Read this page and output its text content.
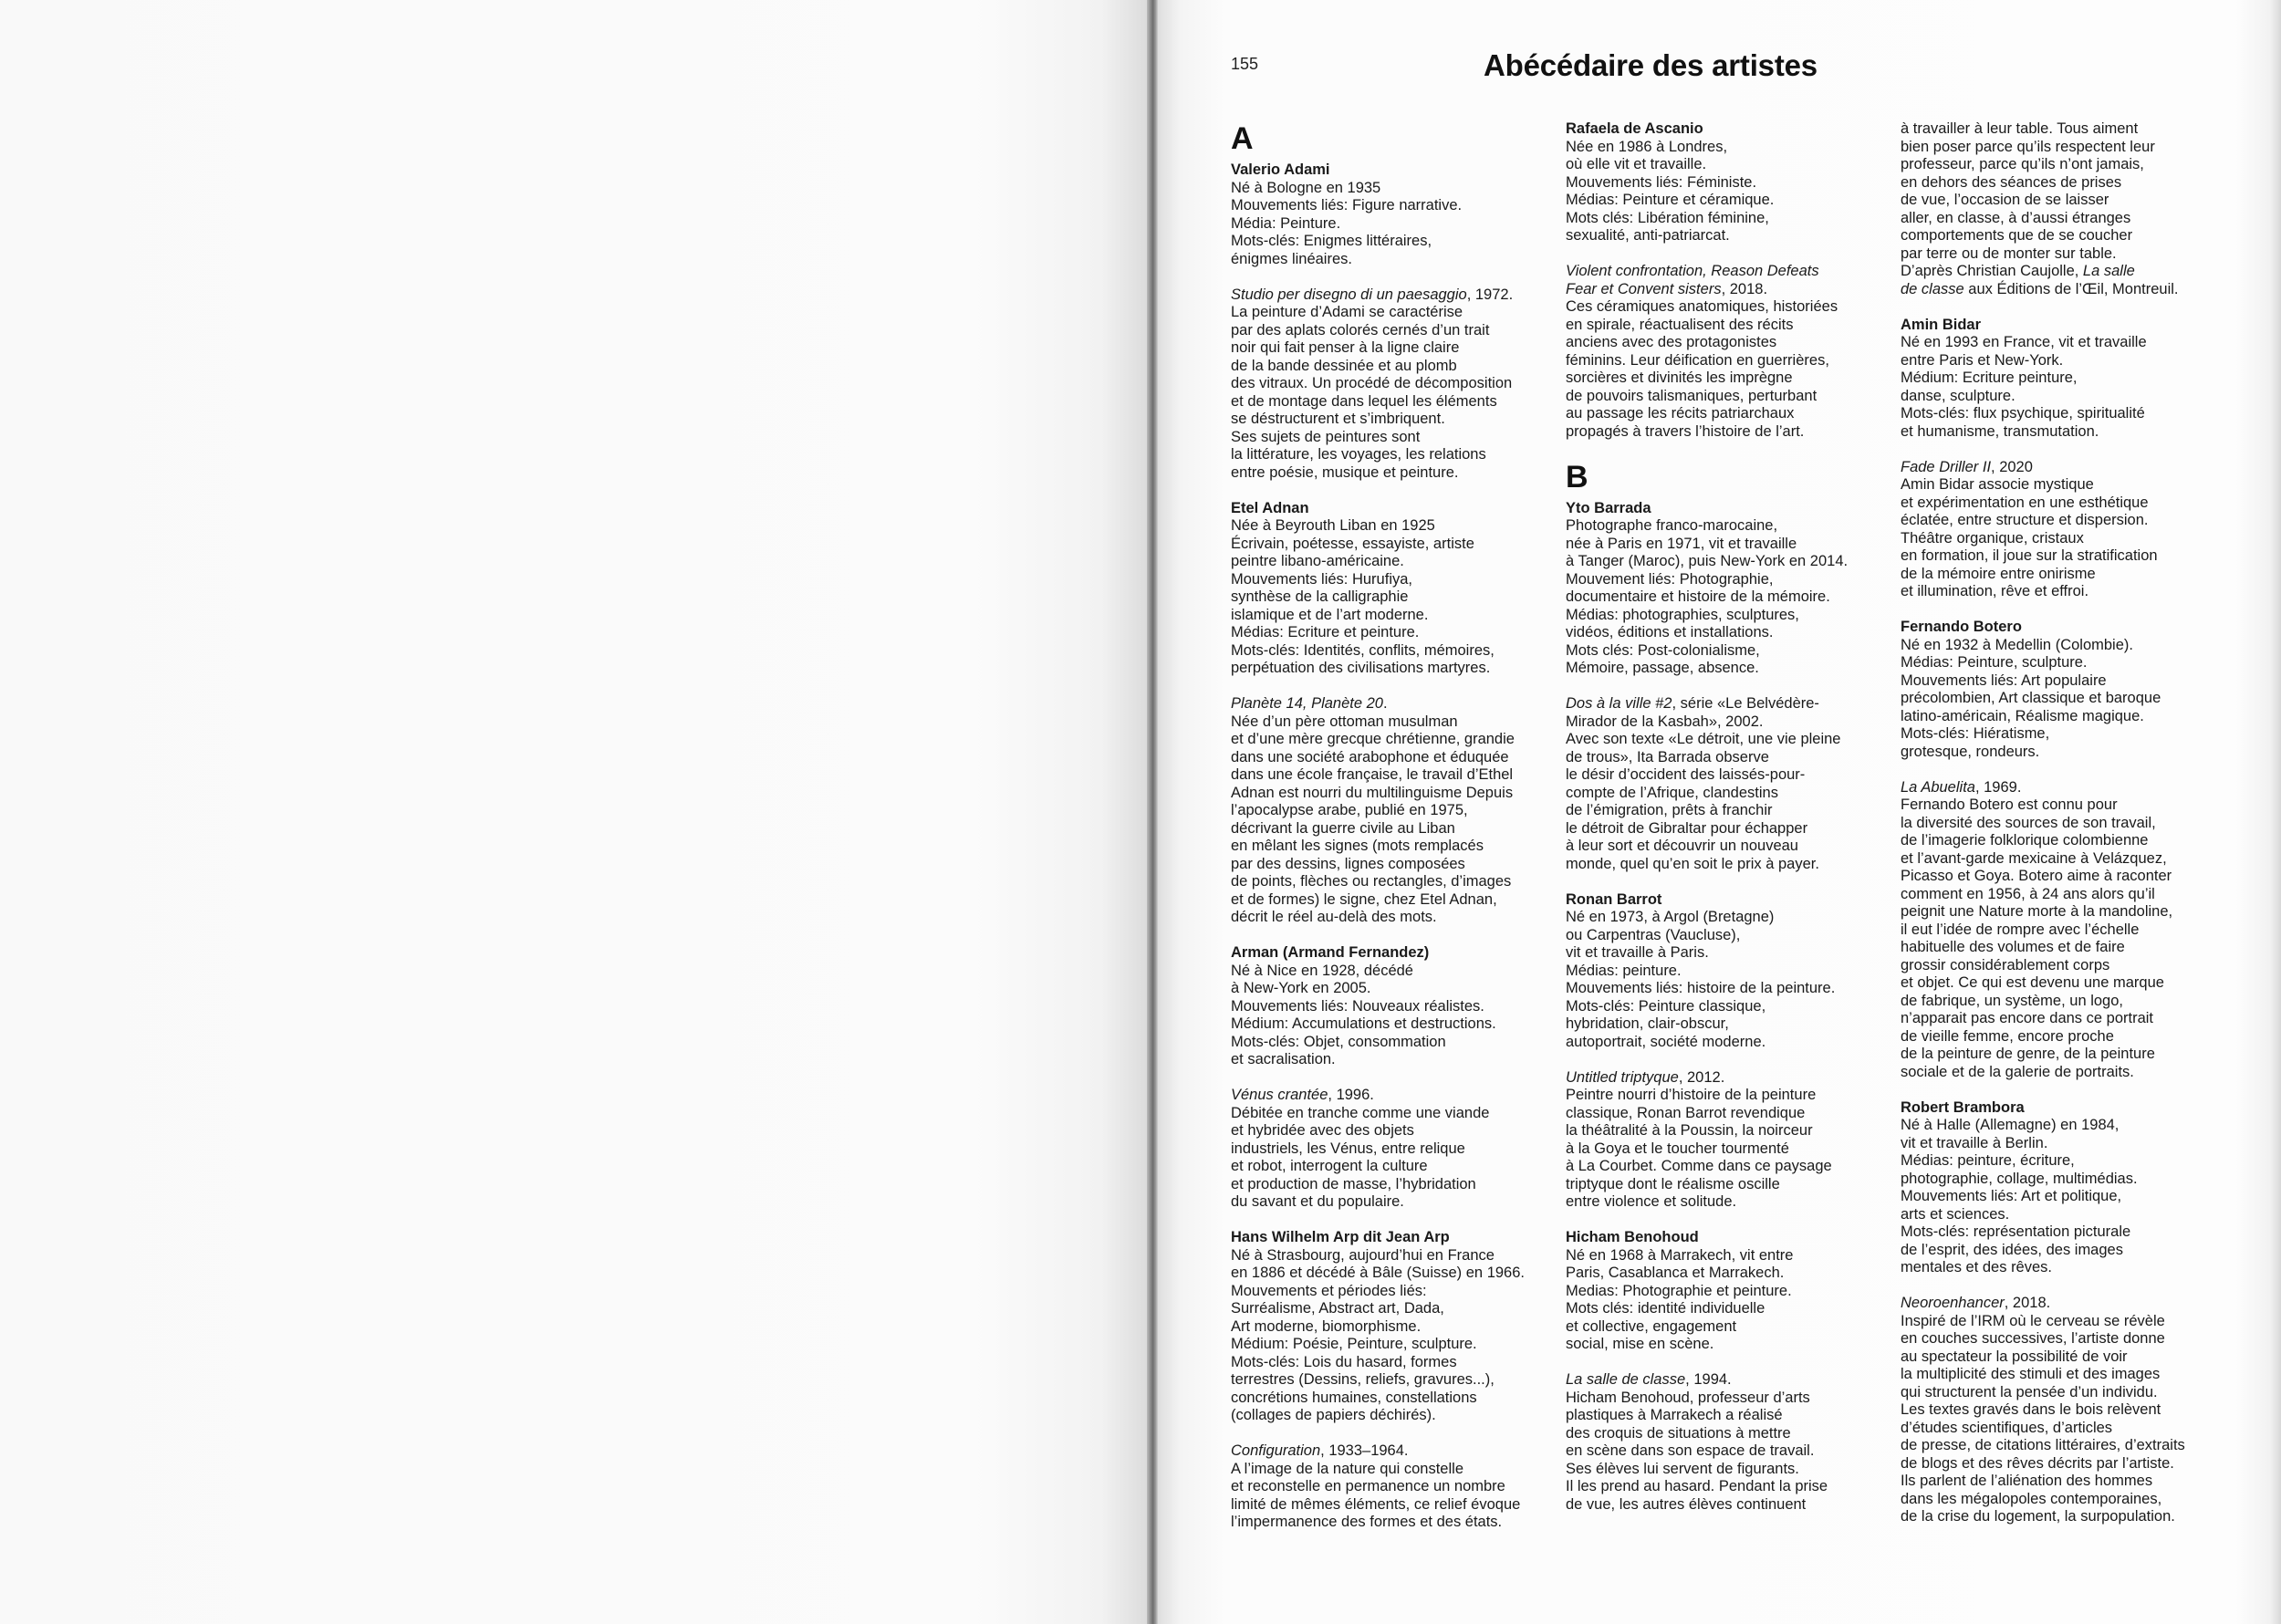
155	Abécédaire des artistes
A
Valerio Adami
Né à Bologne en 1935
Mouvements liés: Figure narrative.
Média: Peinture.
Mots-clés: Enigmes littéraires,
énigmes linéaires.
Studio per disegno di un paesaggio, 1972.
La peinture d’Adami se caractérise
par des aplats colorés cernés d’un trait
noir qui fait penser à la ligne claire
de la bande dessinée et au plomb
des vitraux. Un procédé de décomposition
et de montage dans lequel les éléments
se déstructurent et s’imbriquent.
Ses sujets de peintures sont
la littérature, les voyages, les relations
entre poésie, musique et peinture.
Etel Adnan
Née à Beyrouth Liban en 1925
Écrivain, poétesse, essayiste, artiste
peintre libano-américaine.
Mouvements liés: Hurufiya,
synthèse de la calligraphie
islamique et de l’art moderne.
Médias: Ecriture et peinture.
Mots-clés: Identités, conflits, mémoires,
perpétuation des civilisations martyres.
Planète 14, Planète 20.
Née d’un père ottoman musulman
et d’une mère grecque chrétienne, grandie
dans une société arabophone et éduquée
dans une école française, le travail d’Ethel
Adnan est nourri du multilinguisme Depuis
l’apocalypse arabe, publié en 1975,
décrivant la guerre civile au Liban
en mêlant les signes (mots remplacés
par des dessins, lignes composées
de points, flèches ou rectangles, d’images
et de formes) le signe, chez Etel Adnan,
décrit le réel au-delà des mots.
Arman (Armand Fernandez)
Né à Nice en 1928, décédé
à New-York en 2005.
Mouvements liés: Nouveaux réalistes.
Médium: Accumulations et destructions.
Mots-clés: Objet, consommation
et sacralisation.
Vénus crantée, 1996.
Débitée en tranche comme une viande
et hybridée avec des objets
industriels, les Vénus, entre relique
et robot, interrogent la culture
et production de masse, l’hybridation
du savant et du populaire.
Hans Wilhelm Arp dit Jean Arp
Né à Strasbourg, aujourd’hui en France
en 1886 et décédé à Bâle (Suisse) en 1966.
Mouvements et périodes liés:
Surréalisme, Abstract art, Dada,
Art moderne, biomorphisme.
Médium: Poésie, Peinture, sculpture.
Mots-clés: Lois du hasard, formes
terrestres (Dessins, reliefs, gravures...),
concrétions humaines, constellations
(collages de papiers déchirés).
Configuration, 1933–1964.
A l’image de la nature qui constelle
et reconstelle en permanence un nombre
limité de mêmes éléments, ce relief évoque
l’impermanence des formes et des états.
Rafaela de Ascanio
Née en 1986 à Londres,
où elle vit et travaille.
Mouvements liés: Féministe.
Médias: Peinture et céramique.
Mots clés: Libération féminine,
sexualité, anti-patriarcat.
Violent confrontation, Reason Defeats
Fear et Convent sisters, 2018.
Ces céramiques anatomiques, historiées
en spirale, réactualisent des récits
anciens avec des protagonistes
féminins. Leur déification en guerrières,
sorcières et divinités les imprègne
de pouvoirs talismaniques, perturbant
au passage les récits patriarchaux
propagés à travers l’histoire de l’art.
B
Yto Barrada
Photographe franco-marocaine,
née à Paris en 1971, vit et travaille
à Tanger (Maroc), puis New-York en 2014.
Mouvement liés: Photographie,
documentaire et histoire de la mémoire.
Médias: photographies, sculptures,
vidéos, éditions et installations.
Mots clés: Post-colonialisme,
Mémoire, passage, absence.
Dos à la ville #2, série «Le Belvédère-
Mirador de la Kasbah», 2002.
Avec son texte «Le détroit, une vie pleine
de trous», Ita Barrada observe
le désir d’occident des laissés-pour-
compte de l’Afrique, clandestins
de l’émigration, prêts à franchir
le détroit de Gibraltar pour échapper
à leur sort et découvrir un nouveau
monde, quel qu’en soit le prix à payer.
Ronan Barrot
Né en 1973, à Argol (Bretagne)
ou Carpentras (Vaucluse),
vit et travaille à Paris.
Médias: peinture.
Mouvements liés: histoire de la peinture.
Mots-clés: Peinture classique,
hybridation, clair-obscur,
autoportrait, société moderne.
Untitled triptyque, 2012.
Peintre nourri d’histoire de la peinture
classique, Ronan Barrot revendique
la théâtralité à la Poussin, la noirceur
à la Goya et le toucher tourmenté
à La Courbet. Comme dans ce paysage
triptyque dont le réalisme oscille
entre violence et solitude.
Hicham Benohoud
Né en 1968 à Marrakech, vit entre
Paris, Casablanca et Marrakech.
Medias: Photographie et peinture.
Mots clés: identité individuelle
et collective, engagement
social, mise en scène.
La salle de classe, 1994.
Hicham Benohoud, professeur d’arts
plastiques à Marrakech a réalisé
des croquis de situations à mettre
en scène dans son espace de travail.
Ses élèves lui servent de figurants.
Il les prend au hasard. Pendant la prise
de vue, les autres élèves continuent
à travailler à leur table. Tous aiment
bien poser parce qu’ils respectent leur
professeur, parce qu’ils n’ont jamais,
en dehors des séances de prises
de vue, l’occasion de se laisser
aller, en classe, à d’aussi étranges
comportements que de se coucher
par terre ou de monter sur table.
D’après Christian Caujolle, La salle
de classe aux Éditions de l’Œil, Montreuil.
Amin Bidar
Né en 1993 en France, vit et travaille
entre Paris et New-York.
Médium: Ecriture peinture,
danse, sculpture.
Mots-clés: flux psychique, spiritualité
et humanisme, transmutation.
Fade Driller II, 2020
Amin Bidar associe mystique
et expérimentation en une esthétique
éclatée, entre structure et dispersion.
Théâtre organique, cristaux
en formation, il joue sur la stratification
de la mémoire entre onirisme
et illumination, rêve et effroi.
Fernando Botero
Né en 1932 à Medellin (Colombie).
Médias: Peinture, sculpture.
Mouvements liés: Art populaire
précolombien, Art classique et baroque
latino-américain, Réalisme magique.
Mots-clés: Hiératisme,
grotesque, rondeurs.
La Abuelita, 1969.
Fernando Botero est connu pour
la diversité des sources de son travail,
de l’imagerie folklorique colombienne
et l’avant-garde mexicaine à Velázquez,
Picasso et Goya. Botero aime à raconter
comment en 1956, à 24 ans alors qu’il
peignit une Nature morte à la mandoline,
il eut l’idée de rompre avec l’échelle
habituelle des volumes et de faire
grossir considérablement corps
et objet. Ce qui est devenu une marque
de fabrique, un système, un logo,
n’apparait pas encore dans ce portrait
de vieille femme, encore proche
de la peinture de genre, de la peinture
sociale et de la galerie de portraits.
Robert Brambora
Né à Halle (Allemagne) en 1984,
vit et travaille à Berlin.
Médias: peinture, écriture,
photographie, collage, multimédias.
Mouvements liés: Art et politique,
arts et sciences.
Mots-clés: représentation picturale
de l’esprit, des idées, des images
mentales et des rêves.
Neoroenhancer, 2018.
Inspiré de l’IRM où le cerveau se révèle
en couches successives, l’artiste donne
au spectateur la possibilité de voir
la multiplicité des stimuli et des images
qui structurent la pensée d’un individu.
Les textes gravés dans le bois relèvent
d’études scientifiques, d’articles
de presse, de citations littéraires, d’extraits
de blogs et des rêves décrits par l’artiste.
Ils parlent de l’aliénation des hommes
dans les mégalopoles contemporaines,
de la crise du logement, la surpopulation.
